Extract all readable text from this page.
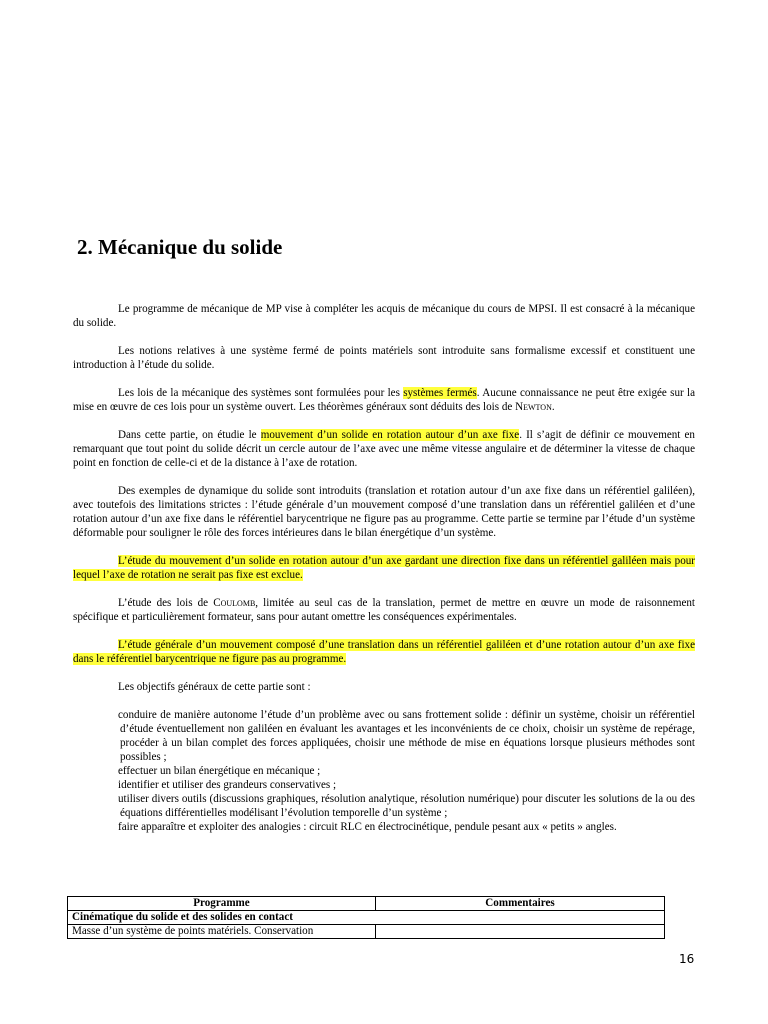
2. Mécanique du solide

Le programme de mécanique de MP vise à compléter les acquis de mécanique du cours de MPSI. Il est consacré à la mécanique du solide.

Les notions relatives à une système fermé de points matériels sont introduite sans formalisme excessif et constituent une introduction à l’étude du solide.

Les lois de la mécanique des systèmes sont formulées pour les systèmes fermés. Aucune connaissance ne peut être exigée sur la mise en œuvre de ces lois pour un système ouvert. Les théorèmes généraux sont déduits des lois de Newton.

Dans cette partie, on étudie le mouvement d’un solide en rotation autour d’un axe fixe. Il s’agit de définir ce mouvement en remarquant que tout point du solide décrit un cercle autour de l’axe avec une même vitesse angulaire et de déterminer la vitesse de chaque point en fonction de celle-ci et de la distance à l’axe de rotation.

Des exemples de dynamique du solide sont introduits (translation et rotation autour d’un axe fixe dans un référentiel galiléen), avec toutefois des limitations strictes : l’étude générale d’un mouvement composé d’une translation dans un référentiel galiléen et d’une rotation autour d’un axe fixe dans le référentiel barycentrique ne figure pas au programme. Cette partie se termine par l’étude d’un système déformable pour souligner le rôle des forces intérieures dans le bilan énergétique d’un système.

L’étude du mouvement d’un solide en rotation autour d’un axe gardant une direction fixe dans un référentiel galiléen mais pour lequel l’axe de rotation ne serait pas fixe est exclue.

L’étude des lois de Coulomb, limitée au seul cas de la translation, permet de mettre en œuvre un mode de raisonnement spécifique et particulièrement formateur, sans pour autant omettre les conséquences expérimentales.

L’étude générale d’un mouvement composé d’une translation dans un référentiel galiléen et d’une rotation autour d’un axe fixe dans le référentiel barycentrique ne figure pas au programme.

Les objectifs généraux de cette partie sont :

conduire de manière autonome l’étude d’un problème avec ou sans frottement solide : définir un système, choisir un référentiel d’étude éventuellement non galiléen en évaluant les avantages et les inconvénients de ce choix, choisir un système de repérage, procéder à un bilan complet des forces appliquées, choisir une méthode de mise en équations lorsque plusieurs méthodes sont possibles ;
effectuer un bilan énergétique en mécanique ;
identifier et utiliser des grandeurs conservatives ;
utiliser divers outils (discussions graphiques, résolution analytique, résolution numérique) pour discuter les solutions de la ou des équations différentielles modélisant l’évolution temporelle d’un système ;
faire apparaître et exploiter des analogies : circuit RLC en électrocinétique, pendule pesant aux « petits » angles.
Programme	Commentaires
Cinématique du solide et des solides en contact	
Masse d’un système de points matériels. Conservation	
16
